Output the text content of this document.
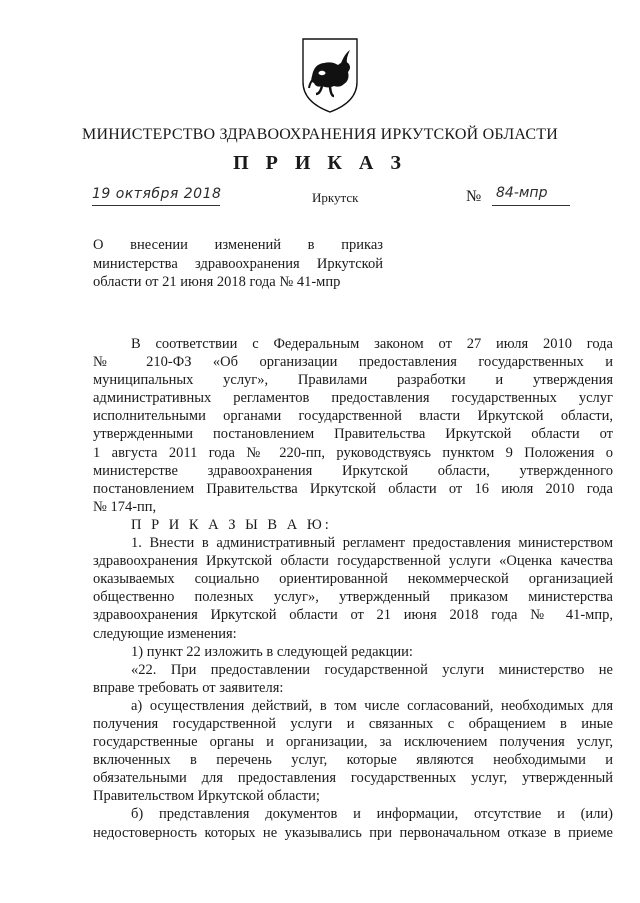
МИНИСТЕРСТВО ЗДРАВООХРАНЕНИЯ ИРКУТСКОЙ ОБЛАСТИ
П Р И К А З
19 октября 2018	Иркутск	№ 84-мпр
О внесении изменений в приказ
министерства здравоохранения Иркутской
области от 21 июня 2018 года № 41-мпр
В соответствии с Федеральным законом от 27 июля 2010 года
№ 210-ФЗ «Об организации предоставления государственных и
муниципальных услуг», Правилами разработки и утверждения
административных регламентов предоставления государственных услуг
исполнительными органами государственной власти Иркутской области,
утвержденными постановлением Правительства Иркутской области от
1 августа 2011 года № 220-пп, руководствуясь пунктом 9 Положения о
министерстве здравоохранения Иркутской области, утвержденного
постановлением Правительства Иркутской области от 16 июля 2010 года
№ 174-пп,
П Р И К А З Ы В А Ю:
1. Внести в административный регламент предоставления министерством
здравоохранения Иркутской области государственной услуги «Оценка качества
оказываемых социально ориентированной некоммерческой организацией
общественно полезных услуг», утвержденный приказом министерства
здравоохранения Иркутской области от 21 июня 2018 года № 41-мпр,
следующие изменения:
1) пункт 22 изложить в следующей редакции:
«22. При предоставлении государственной услуги министерство не
вправе требовать от заявителя:
а) осуществления действий, в том числе согласований, необходимых для
получения государственной услуги и связанных с обращением в иные
государственные органы и организации, за исключением получения услуг,
включенных в перечень услуг, которые являются необходимыми и
обязательными для предоставления государственных услуг, утвержденный
Правительством Иркутской области;
б) представления документов и информации, отсутствие и (или)
недостоверность которых не указывались при первоначальном отказе в приеме
